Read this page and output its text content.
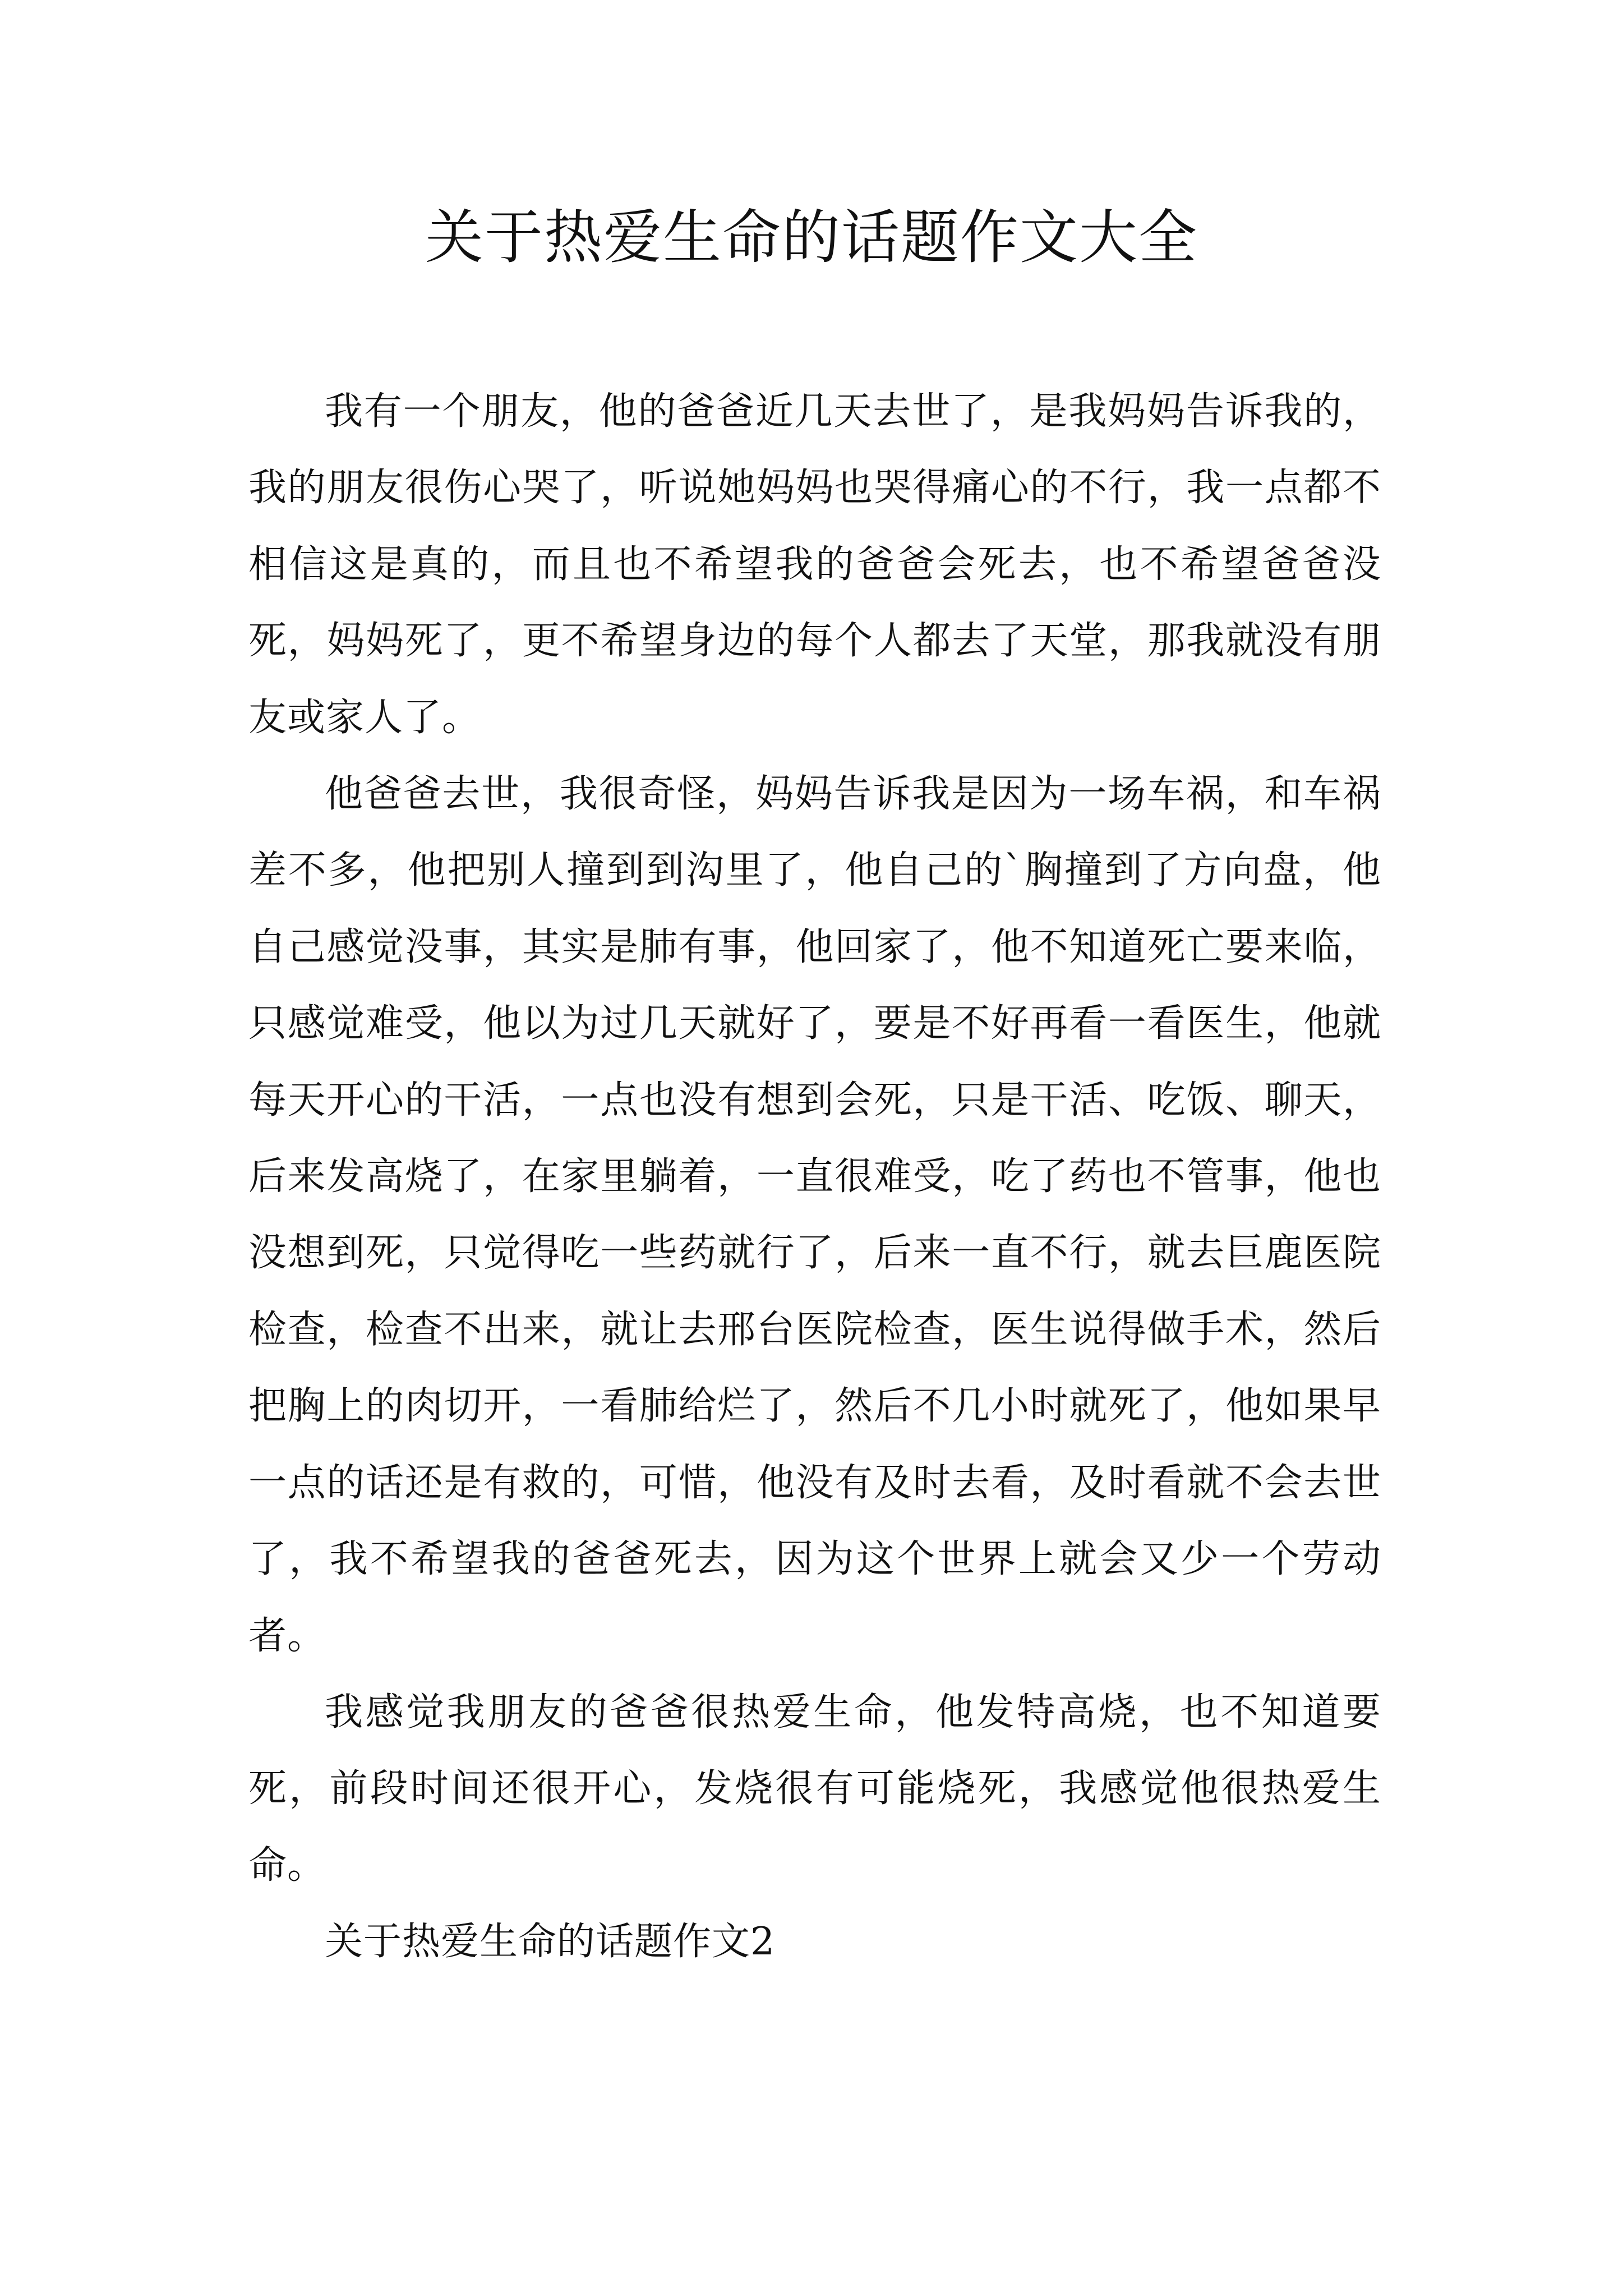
关于热爱生命的话题作文大全

我有一个朋友，他的爸爸近几天去世了，是我妈妈告诉我的，我的朋友很伤心哭了，听说她妈妈也哭得痛心的不行，我一点都不相信这是真的，而且也不希望我的爸爸会死去，也不希望爸爸没死，妈妈死了，更不希望身边的每个人都去了天堂，那我就没有朋友或家人了。

他爸爸去世，我很奇怪，妈妈告诉我是因为一场车祸，和车祸差不多，他把别人撞到到沟里了，他自己的`胸撞到了方向盘，他自己感觉没事，其实是肺有事，他回家了，他不知道死亡要来临，只感觉难受，他以为过几天就好了，要是不好再看一看医生，他就每天开心的干活，一点也没有想到会死，只是干活、吃饭、聊天，后来发高烧了，在家里躺着，一直很难受，吃了药也不管事，他也没想到死，只觉得吃一些药就行了，后来一直不行，就去巨鹿医院检查，检查不出来，就让去邢台医院检查，医生说得做手术，然后把胸上的肉切开，一看肺给烂了，然后不几小时就死了，他如果早一点的话还是有救的，可惜，他没有及时去看，及时看就不会去世了，我不希望我的爸爸死去，因为这个世界上就会又少一个劳动者。

我感觉我朋友的爸爸很热爱生命，他发特高烧，也不知道要死，前段时间还很开心，发烧很有可能烧死，我感觉他很热爱生命。

关于热爱生命的话题作文2
